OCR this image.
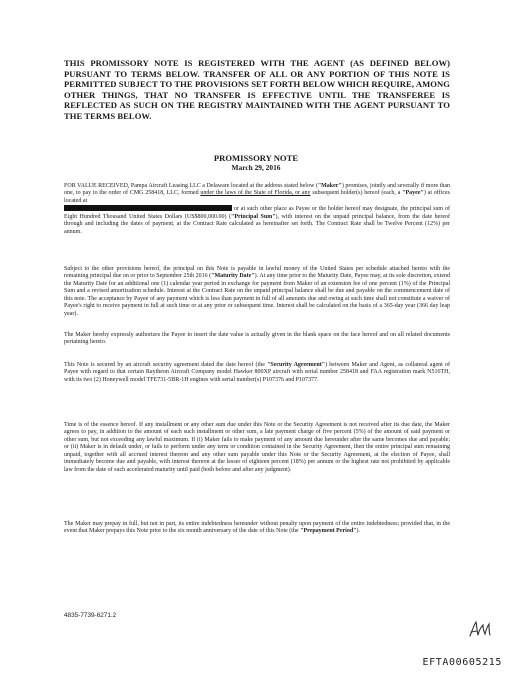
THIS PROMISSORY NOTE IS REGISTERED WITH THE AGENT (AS DEFINED BELOW) PURSUANT TO TERMS BELOW. TRANSFER OF ALL OR ANY PORTION OF THIS NOTE IS PERMITTED SUBJECT TO THE PROVISIONS SET FORTH BELOW WHICH REQUIRE, AMONG OTHER THINGS, THAT NO TRANSFER IS EFFECTIVE UNTIL THE TRANSFEREE IS REFLECTED AS SUCH ON THE REGISTRY MAINTAINED WITH THE AGENT PURSUANT TO THE TERMS BELOW.
PROMISSORY NOTE
March 29, 2016
FOR VALUE RECEIVED, Pampa Aircraft Leasing LLC a Delaware located at the address stated below ("Maker") promises, jointly and severally if more than one, to pay to the order of CMG 258418, LLC, formed under the laws of the State of Florida, or any subsequent holder(s) hereof (each, a "Payee") at offices located at
or at such other place as Payee or the holder hereof may designate, the principal sum of Eight Hundred Thousand United States Dollars (US$800,000.00) ("Principal Sum"), with interest on the unpaid principal balance, from the date hereof through and including the dates of payment, at the Contract Rate calculated as hereinafter set forth. The Contract Rate shall be Twelve Percent (12%) per annum.
Subject to the other provisions hereof, the principal on this Note is payable in lawful money of the United States per schedule attached hereto with the remaining principal due on or prior to September 25th 2016 ("Maturity Date"). At any time prior to the Maturity Date, Payee may, at its sole discretion, extend the Maturity Date for an additional one (1) calendar year period in exchange for payment from Maker of an extension fee of one percent (1%) of the Principal Sum and a revised amortization schedule. Interest at the Contract Rate on the unpaid principal balance shall be due and payable on the commencement date of this note. The acceptance by Payee of any payment which is less than payment in full of all amounts due and owing at such time shall not constitute a waiver of Payee's right to receive payment in full at such time or at any prior or subsequent time. Interest shall be calculated on the basis of a 365-day year (366 day leap year).
The Maker hereby expressly authorizes the Payee to insert the date value is actually given in the blank space on the face hereof and on all related documents pertaining hereto.
This Note is secured by an aircraft security agreement dated the date hereof (the "Security Agreement") between Maker and Agent, as collateral agent of Payee with regard to that certain Raytheon Aircraft Company model Hawker 800XP aircraft with serial number 258418 and FAA registration mark N516TH, with its two (2) Honeywell model TFE731-5BR-1H engines with serial number(s) P107376 and P107377.
Time is of the essence hereof. If any installment or any other sum due under this Note or the Security Agreement is not received after its due date, the Maker agrees to pay, in addition to the amount of each such installment or other sum, a late payment charge of five percent (5%) of the amount of said payment or other sum, but not exceeding any lawful maximum. If (i) Maker fails to make payment of any amount due hereunder after the same becomes due and payable; or (ii) Maker is in default under, or fails to perform under any term or condition contained in the Security Agreement, then the entire principal sum remaining unpaid, together with all accrued interest thereon and any other sum payable under this Note or the Security Agreement, at the election of Payee, shall immediately become due and payable, with interest thereon at the lesser of eighteen percent (18%) per annum or the highest rate not prohibited by applicable law from the date of such accelerated maturity until paid (both before and after any judgment).
The Maker may prepay in full, but not in part, its entire indebtedness hereunder without penalty upon payment of the entire indebtedness; provided that, in the event that Maker prepays this Note prior to the six month anniversary of the date of this Note (the "Prepayment Period").
4835-7739-6271.2
EFTA00605215
